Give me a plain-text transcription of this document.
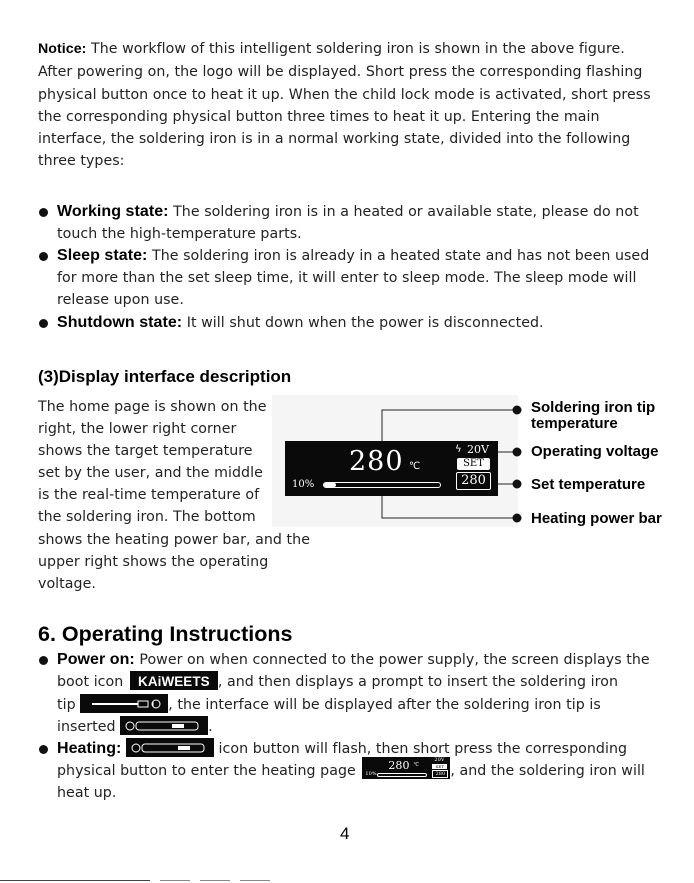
Notice: The workflow of this intelligent soldering iron is shown in the above figure.
After powering on, the logo will be displayed. Short press the corresponding flashing
physical button once to heat it up. When the child lock mode is activated, short press
the corresponding physical button three times to heat it up. Entering the main
interface, the soldering iron is in a normal working state, divided into the following
three types:
Working state: The soldering iron is in a heated or available state, please do not
touch the high-temperature parts.
Sleep state: The soldering iron is already in a heated state and has not been used
for more than the set sleep time, it will enter to sleep mode. The sleep mode will
release upon use.
Shutdown state: It will shut down when the power is disconnected.
(3)Display interface description
The home page is shown on the
right, the lower right corner
shows the target temperature
set by the user, and the middle
is the real-time temperature of
the soldering iron. The bottom
shows the heating power bar, and the
upper right shows the operating
voltage.
280 ℃
ϟ 20V
SET
280
10%
Soldering iron tip
temperature
Operating voltage
Set temperature
Heating power bar
6. Operating Instructions
Power on: Power on when connected to the power supply, the screen displays the
boot icon KAiWEETS , and then displays a prompt to insert the soldering iron
tip	, the interface will be displayed after the soldering iron tip is
inserted	.
Heating:	icon button will flash, then short press the corresponding
physical button to enter the heating page	280 ℃
20V
SET
280
10%	, and the soldering iron will
heat up.
4
